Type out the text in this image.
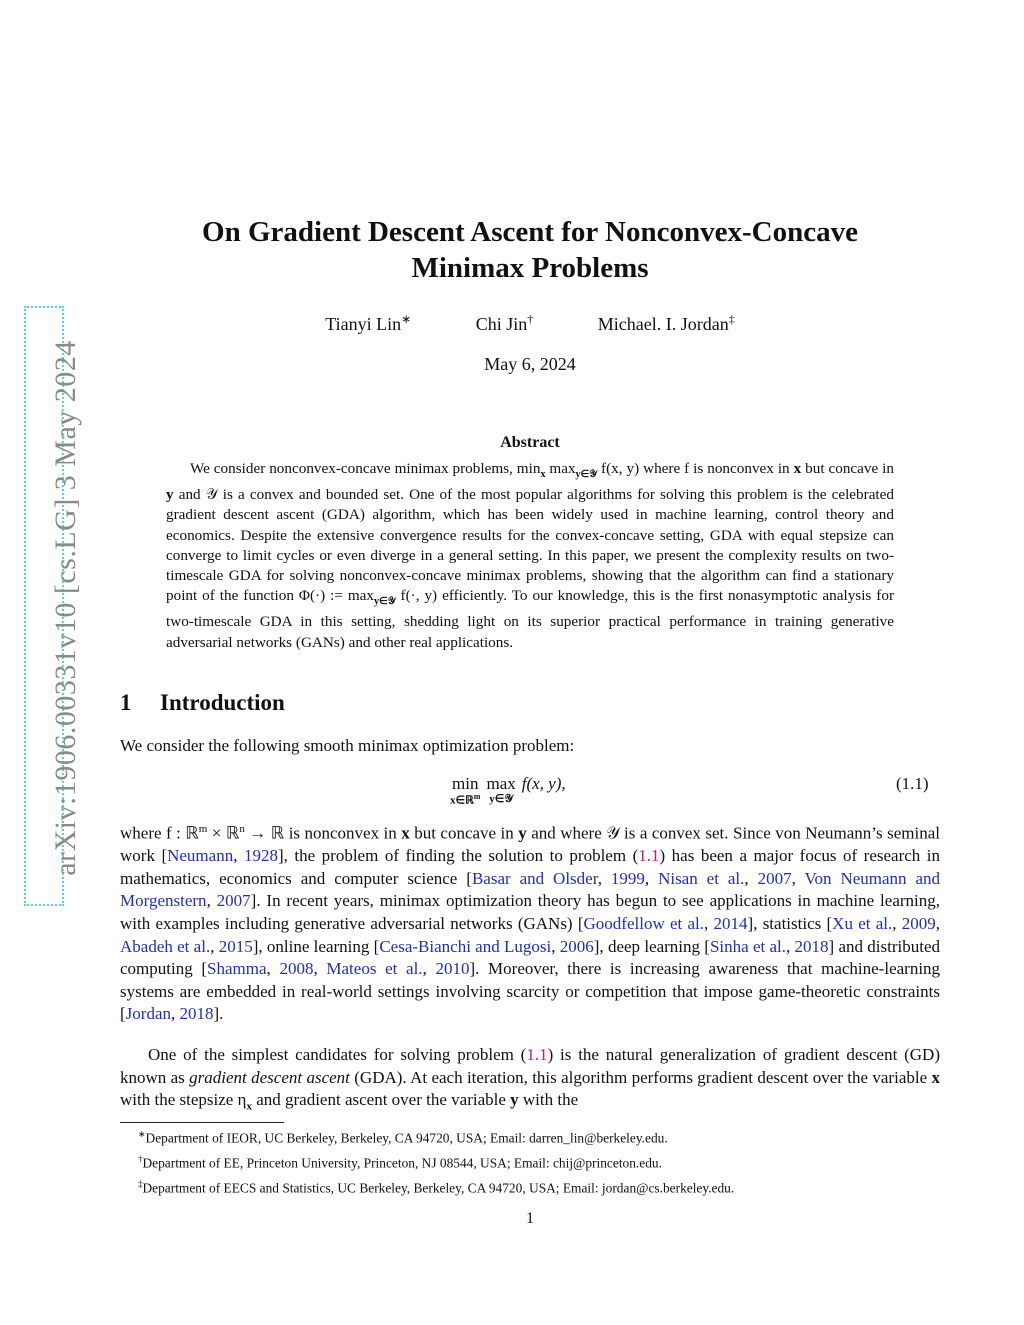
arXiv:1906.00331v10 [cs.LG] 3 May 2024
On Gradient Descent Ascent for Nonconvex-Concave
Minimax Problems
Tianyi Lin∗	Chi Jin†	Michael. I. Jordan‡
May 6, 2024
Abstract
We consider nonconvex-concave minimax problems, $\min_x \max_{y\in 𝒴} f(x$, y) where f is nonconvex in x but concave in y and 𝒴 is a convex and bounded set. One of the most popular algorithms for solving this problem is the celebrated gradient descent ascent (GDA) algorithm, which has been widely used in machine learning, control theory and economics. Despite the extensive convergence results for the convex-concave setting, GDA with equal stepsize can converge to limit cycles or even diverge in a general setting. In this paper, we present the complexity results on two-timescale GDA for solving nonconvex-concave minimax problems, showing that the algorithm can find a stationary point of the function Φ(·) := $\max_{y\in 𝒴} f(\cdot$, y) efficiently. To our knowledge, this is the first nonasymptotic analysis for two-timescale GDA in this setting, shedding light on its superior practical performance in training generative adversarial networks (GANs) and other real applications.
1 Introduction
We consider the following smooth minimax optimization problem:
min
x∈ℝ$^m$
max
y∈𝒴
f(x, y),	(1.1)
where f : ℝ$^m$ × ℝ$^n$ → ℝ is nonconvex in x but concave in y and where 𝒴 is a convex set. Since von Neumann’s seminal work [Neumann, 1928], the problem of finding the solution to problem (1.1) has been a major focus of research in mathematics, economics and computer science [Basar and Olsder, 1999, Nisan et al., 2007, Von Neumann and Morgenstern, 2007]. In recent years, minimax optimization theory has begun to see applications in machine learning, with examples including generative adversarial networks (GANs) [Goodfellow et al., 2014], statistics [Xu et al., 2009, Abadeh et al., 2015], online learning [Cesa-Bianchi and Lugosi, 2006], deep learning [Sinha et al., 2018] and distributed computing [Shamma, 2008, Mateos et al., 2010]. Moreover, there is increasing awareness that machine-learning systems are embedded in real-world settings involving scarcity or competition that impose game-theoretic constraints [Jordan, 2018].
One of the simplest candidates for solving problem (1.1) is the natural generalization of gradient descent (GD) known as gradient descent ascent (GDA). At each iteration, this algorithm performs gradient descent over the variable x with the stepsize $\eta_x$ and gradient ascent over the variable y with the
∗Department of IEOR, UC Berkeley, Berkeley, CA 94720, USA; Email: darren_lin@berkeley.edu.
†Department of EE, Princeton University, Princeton, NJ 08544, USA; Email: chij@princeton.edu.
‡Department of EECS and Statistics, UC Berkeley, Berkeley, CA 94720, USA; Email: jordan@cs.berkeley.edu.
1
